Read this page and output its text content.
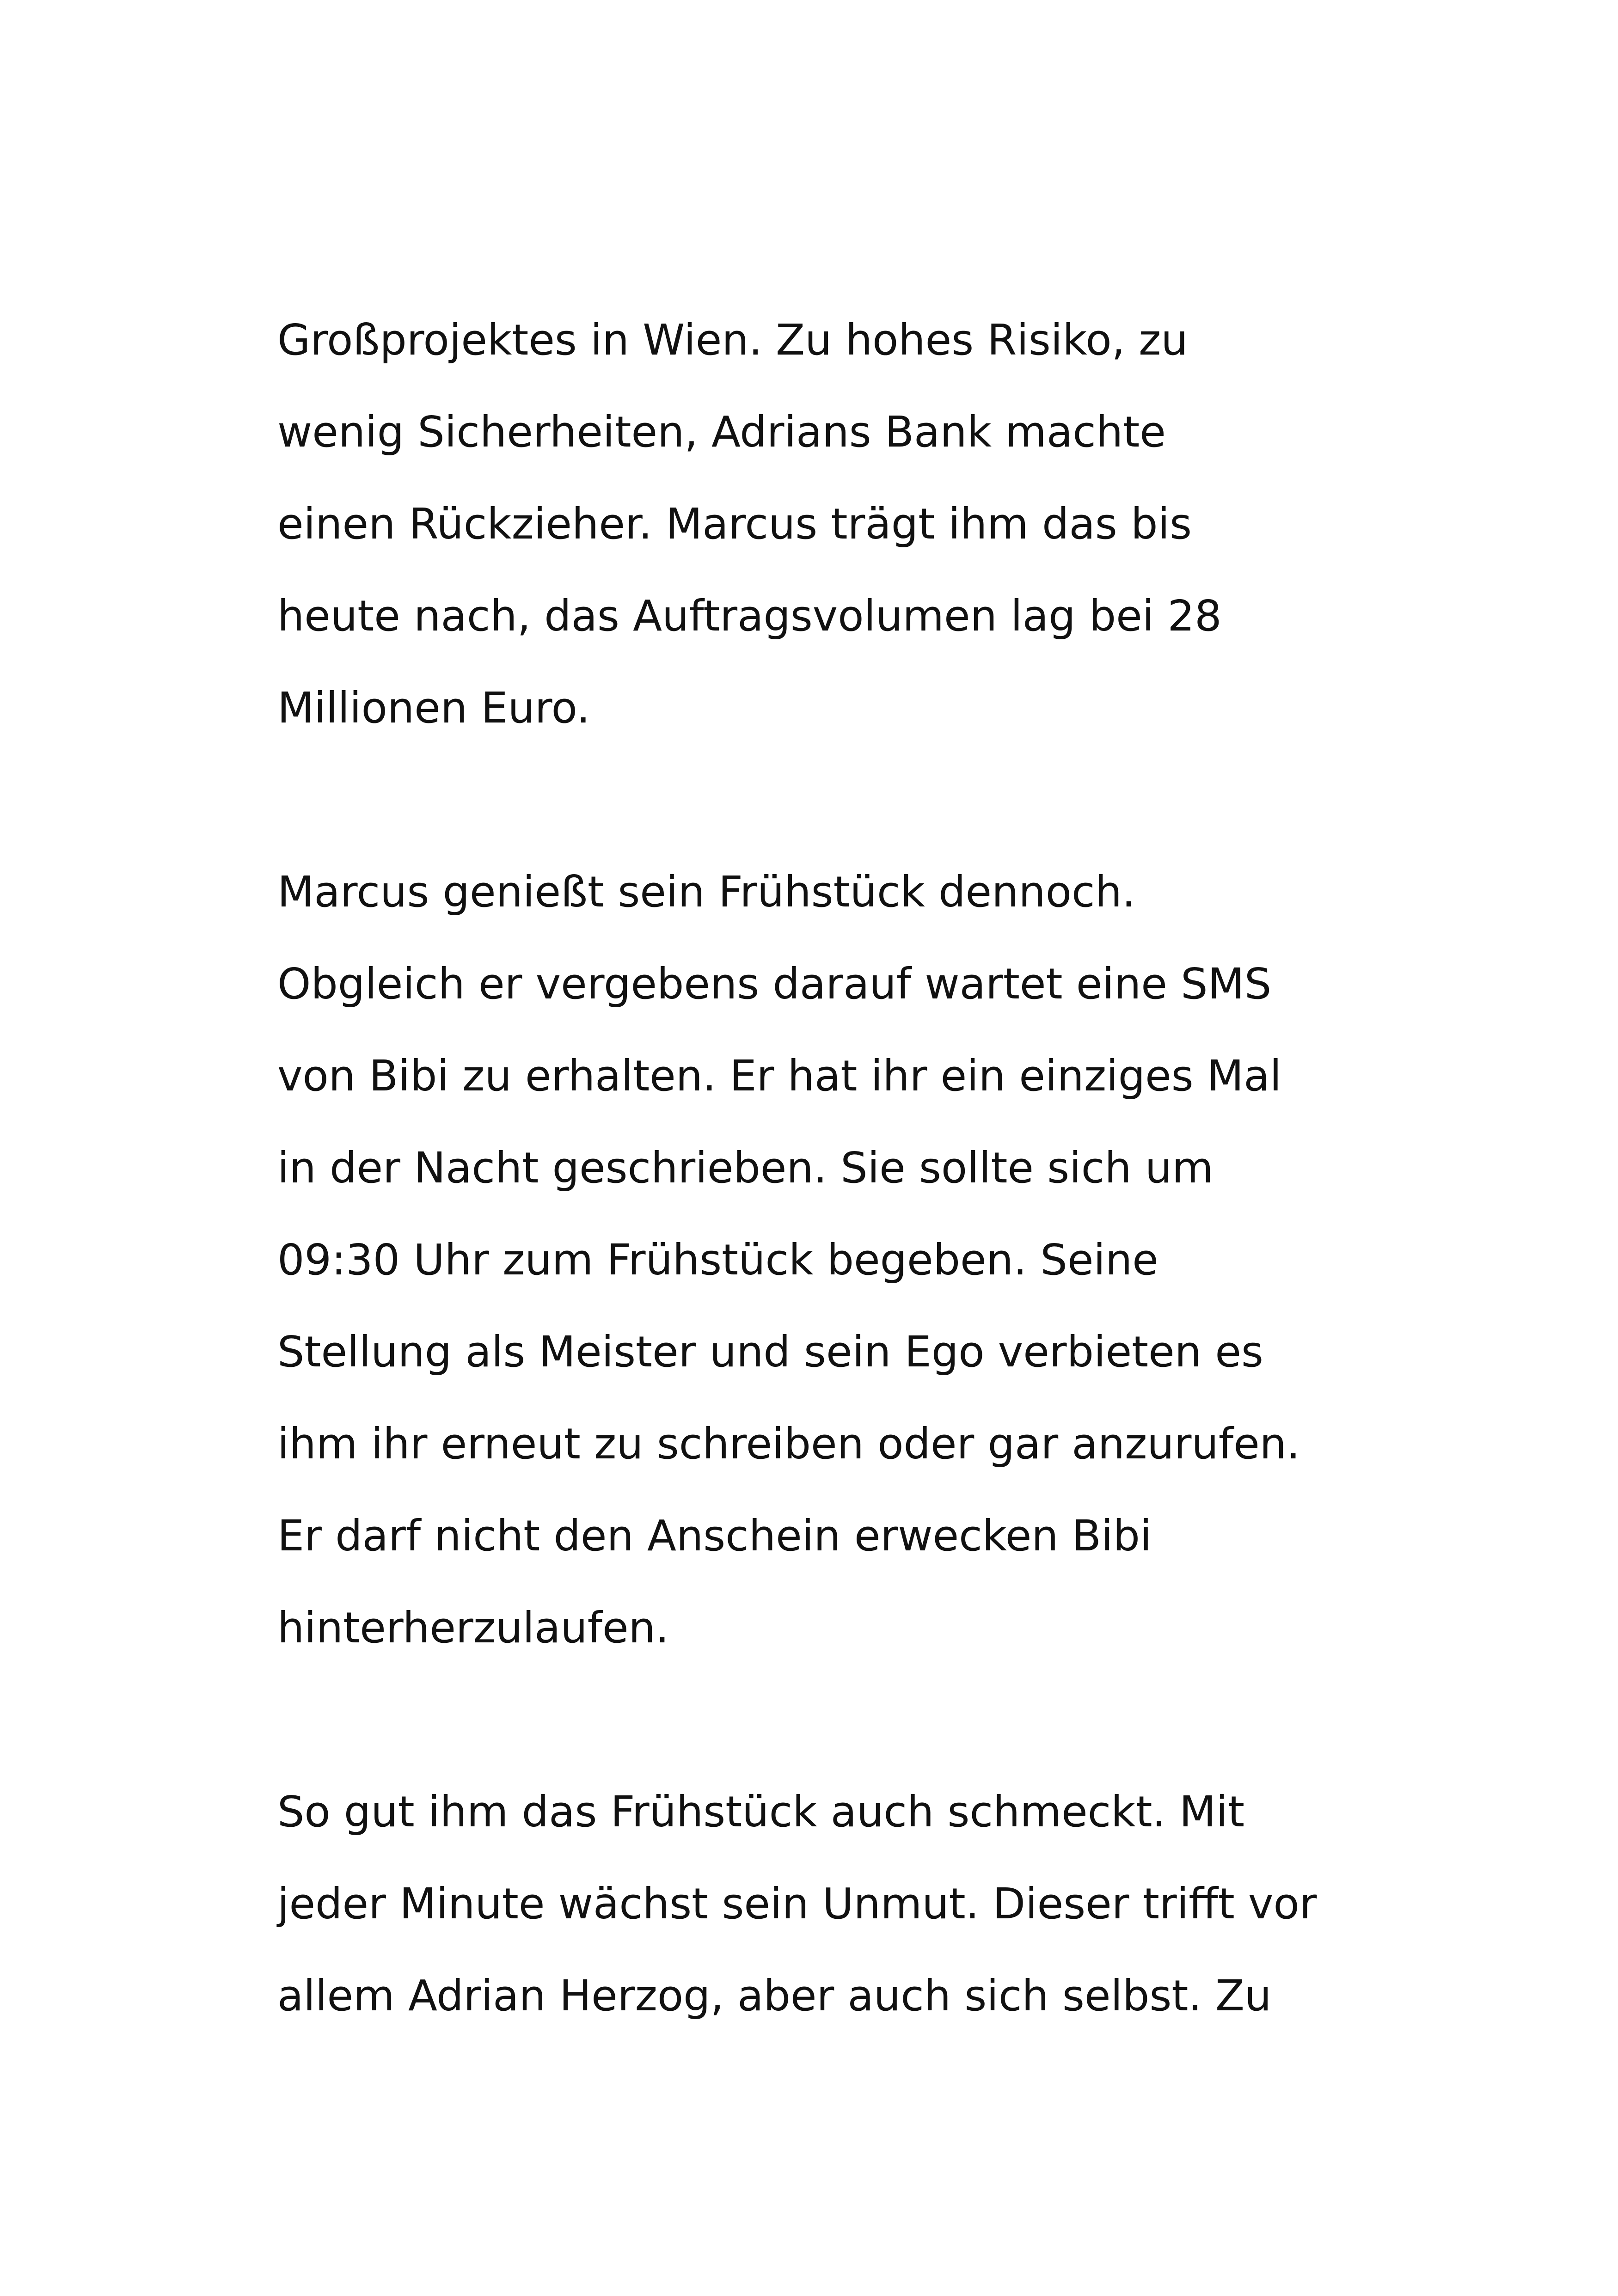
Großprojektes in Wien. Zu hohes Risiko, zu
wenig Sicherheiten, Adrians Bank machte
einen Rückzieher. Marcus trägt ihm das bis
heute nach, das Auftragsvolumen lag bei 28
Millionen Euro.
Marcus genießt sein Frühstück dennoch.
Obgleich er vergebens darauf wartet eine SMS
von Bibi zu erhalten. Er hat ihr ein einziges Mal
in der Nacht geschrieben. Sie sollte sich um
09:30 Uhr zum Frühstück begeben. Seine
Stellung als Meister und sein Ego verbieten es
ihm ihr erneut zu schreiben oder gar anzurufen.
Er darf nicht den Anschein erwecken Bibi
hinterherzulaufen.
So gut ihm das Frühstück auch schmeckt. Mit
jeder Minute wächst sein Unmut. Dieser trifft vor
allem Adrian Herzog, aber auch sich selbst. Zu
